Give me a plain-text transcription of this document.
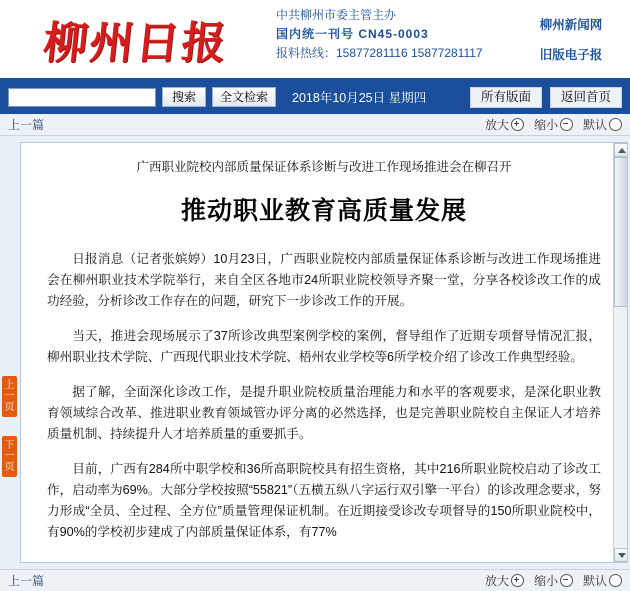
柳州日报
中共柳州市委主管主办
国内统一刊号 CN45-0003
报料热线：15877281116 15877281117
柳州新闻网
旧版电子报
搜索	全文检索	2018年10月25日 星期四	所有版面	返回首页
上一篇	放大 缩小 默认
上一页
下一页
广西职业院校内部质量保证体系诊断与改进工作现场推进会在柳召开
推动职业教育高质量发展

日报消息（记者张嫔婷）10月23日，广西职业院校内部质量保证体系诊断与改进工作现场推进会在柳州职业技术学院举行，来自全区各地市24所职业院校领导齐聚一堂，分享各校诊改工作的成功经验，分析诊改工作存在的问题，研究下一步诊改工作的开展。

当天，推进会现场展示了37所诊改典型案例学校的案例，督导组作了近期专项督导情况汇报，柳州职业技术学院、广西现代职业技术学院、梧州农业学校等6所学校介绍了诊改工作典型经验。

据了解，全面深化诊改工作，是提升职业院校质量治理能力和水平的客观要求，是深化职业教育领域综合改革、推进职业教育领域管办评分离的必然选择，也是完善职业院校自主保证人才培养质量机制、持续提升人才培养质量的重要抓手。

目前，广西有284所中职学校和36所高职院校具有招生资格，其中216所职业院校启动了诊改工作，启动率为69%。大部分学校按照“55821”（五横五纵八字运行双引擎一平台）的诊改理念要求，努力形成“全员、全过程、全方位”质量管理保证机制。在近期接受诊改专项督导的150所职业院校中，有90%的学校初步建成了内部质量保证体系，有77%

上一篇	放大 缩小 默认
